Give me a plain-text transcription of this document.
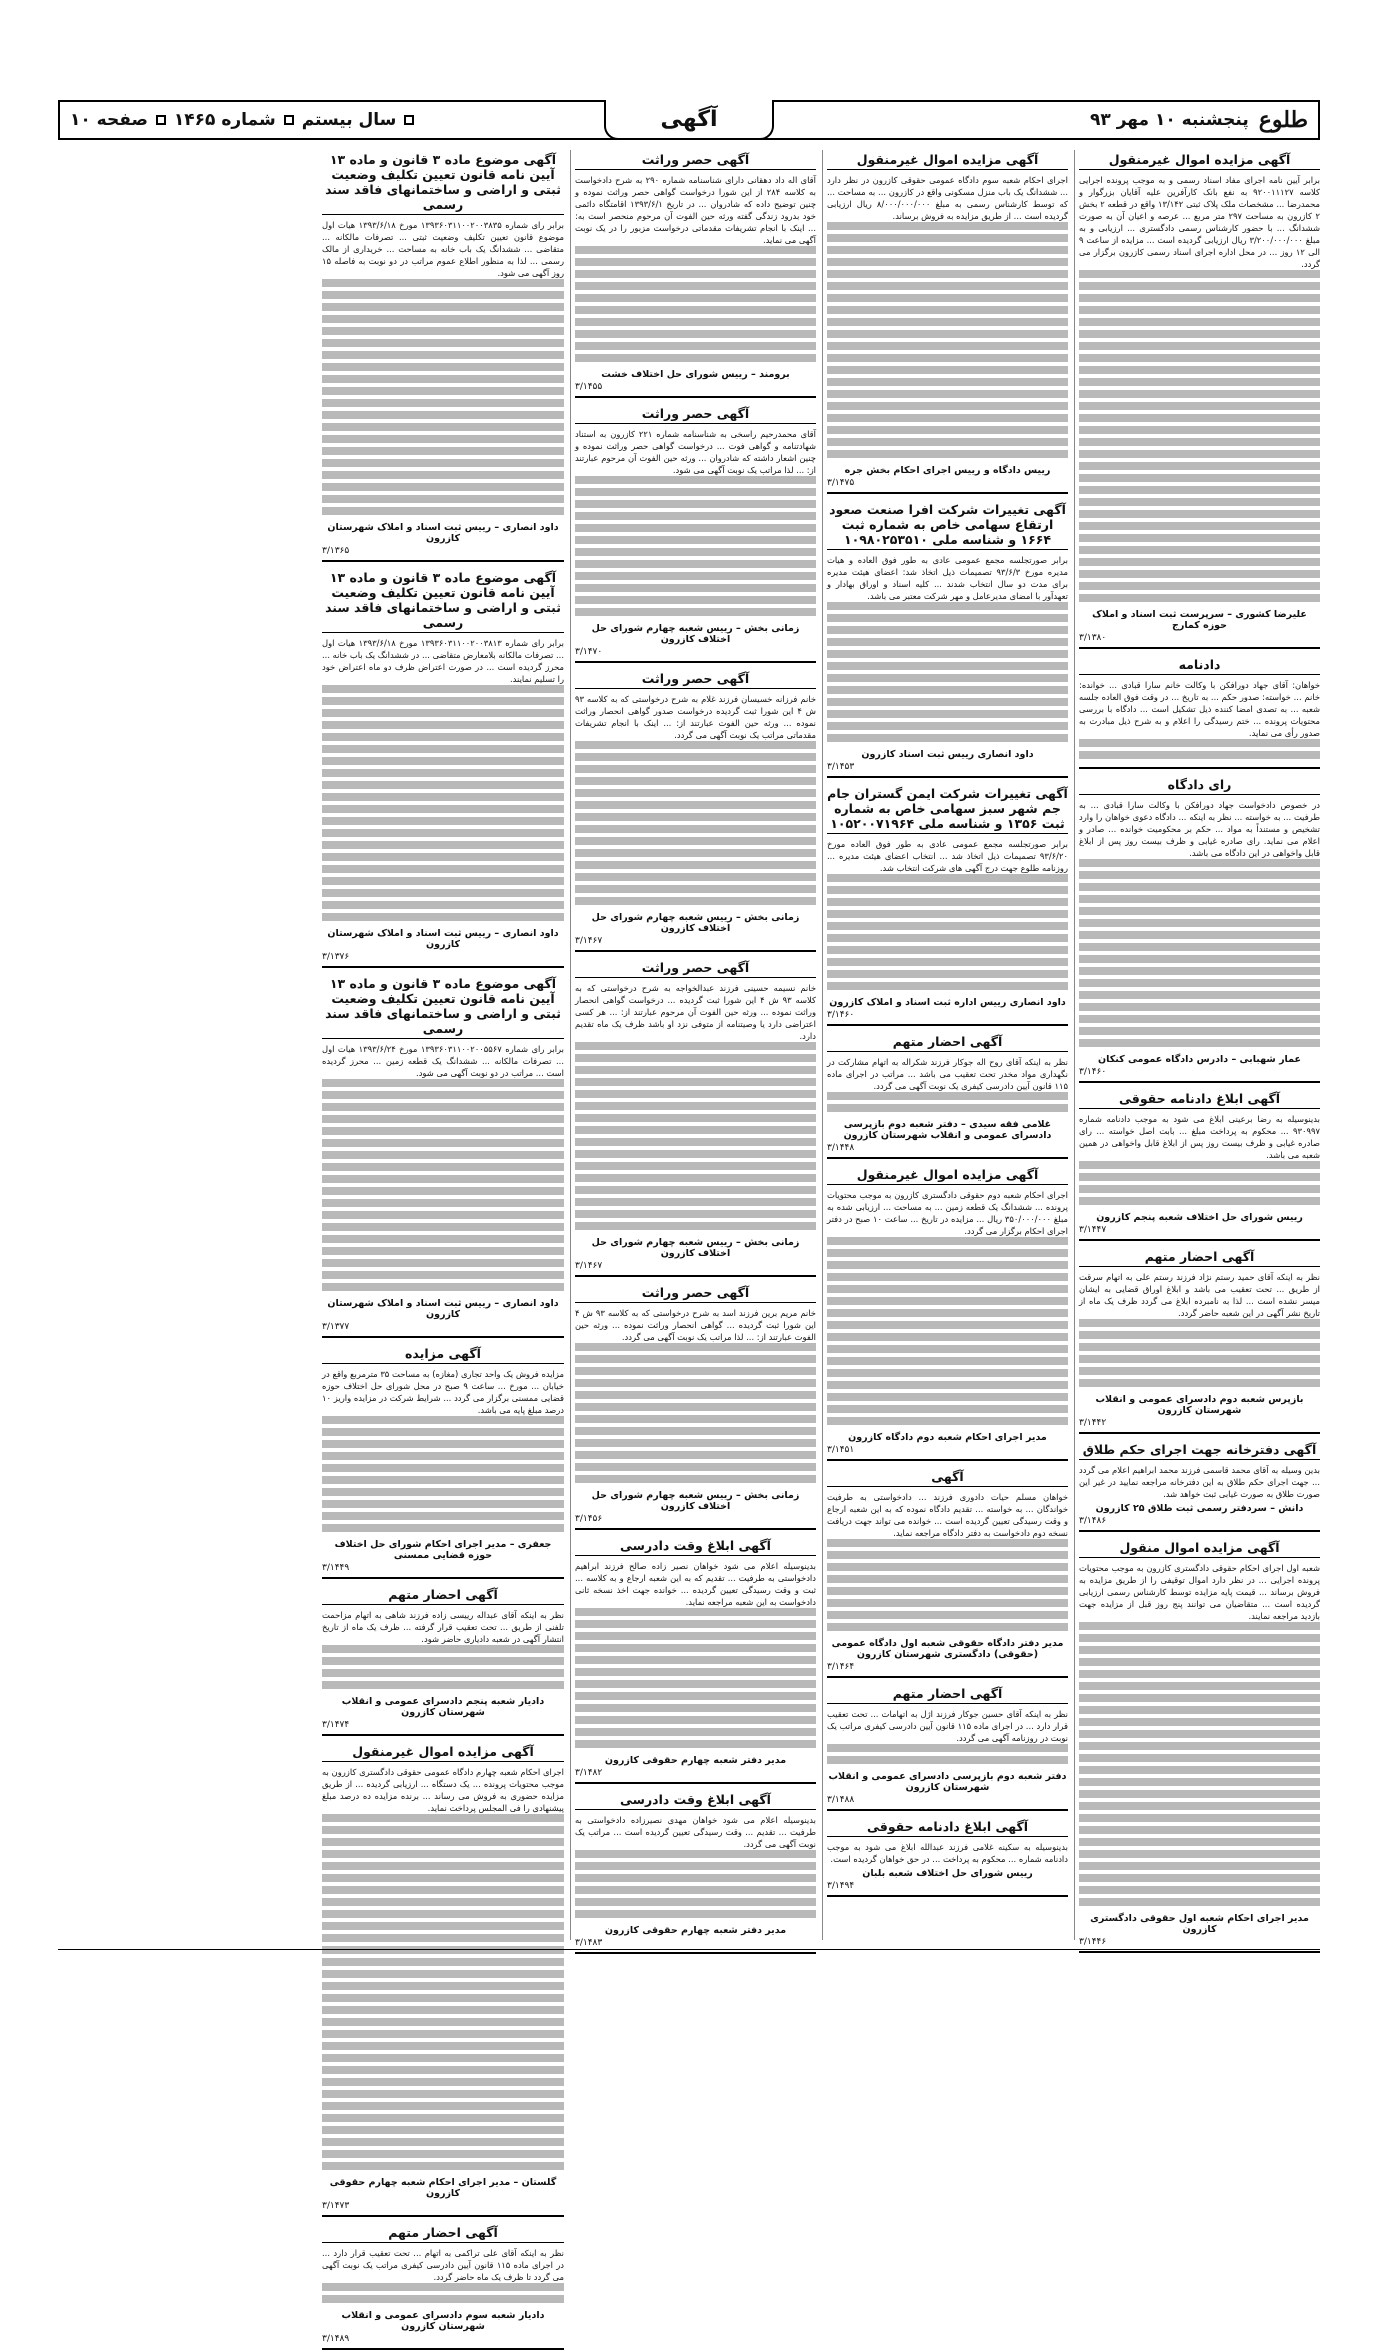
طلوع
پنجشنبه ۱۰ مهر ۹۳
آگهی
سال بیستم
شماره ۱۴۶۵
صفحه ۱۰
آگهی مزایده اموال غیرمنقول
برابر آیین نامه اجرای مفاد اسناد رسمی و به موجب پرونده اجرایی کلاسه ۹۲۰۰۱۱۱۲۷ به نفع بانک کارآفرین علیه آقایان بزرگوار و محمدرضا ... مشخصات ملک پلاک ثبتی ۱۳/۱۴۲ واقع در قطعه ۲ بخش ۲ کازرون به مساحت ۲۹۷ متر مربع ... عرصه و اعیان آن به صورت ششدانگ ... با حضور کارشناس رسمی دادگستری ... ارزیابی و به مبلغ ۳/۲۰۰/۰۰۰/۰۰۰ ریال ارزیابی گردیده است ... مزایده از ساعت ۹ الی ۱۲ روز ... در محل اداره اجرای اسناد رسمی کازرون برگزار می گردد.
علیرضا کشوری – سرپرست ثبت اسناد و املاک حوزه کمارج
۳/۱۳۸۰
دادنامه
خواهان: آقای جهاد دورافکن با وکالت خانم سارا قبادی ... خوانده: خانم ... خواسته: صدور حکم ... به تاریخ ... در وقت فوق العاده جلسه شعبه ... به تصدی امضا کننده ذیل تشکیل است ... دادگاه با بررسی محتویات پرونده ... ختم رسیدگی را اعلام و به شرح ذیل مبادرت به صدور رأی می نماید.
رای دادگاه
در خصوص دادخواست جهاد دورافکن با وکالت سارا قبادی ... به طرفیت ... به خواسته ... نظر به اینکه ... دادگاه دعوی خواهان را وارد تشخیص و مستنداً به مواد ... حکم بر محکومیت خوانده ... صادر و اعلام می نماید. رای صادره غیابی و ظرف بیست روز پس از ابلاغ قابل واخواهی در این دادگاه می باشد.
عمار شهبابی – دادرس دادگاه عمومی کنکان
۳/۱۴۶۰
آگهی ابلاغ دادنامه حقوقی
بدینوسیله به رضا برعینی ابلاغ می شود به موجب دادنامه شماره ۹۳۰۹۹۷ ... محکوم به پرداخت مبلغ ... بابت اصل خواسته ... رای صادره غیابی و ظرف بیست روز پس از ابلاغ قابل واخواهی در همین شعبه می باشد.
رییس شورای حل اختلاف شعبه پنجم کازرون
۳/۱۴۴۷
آگهی احضار متهم
نظر به اینکه آقای حمید رستم نژاد فرزند رستم علی به اتهام سرقت از طریق ... تحت تعقیب می باشد و ابلاغ اوراق قضایی به ایشان میسر نشده است ... لذا به نامبرده ابلاغ می گردد ظرف یک ماه از تاریخ نشر آگهی در این شعبه حاضر گردد.
بازپرس شعبه دوم دادسرای عمومی و انقلاب شهرستان کازرون
۳/۱۴۴۲
آگهی دفترخانه جهت اجرای حکم طلاق
بدین وسیله به آقای محمد قاسمی فرزند محمد ابراهیم اعلام می گردد ... جهت اجرای حکم طلاق به این دفترخانه مراجعه نمایید در غیر این صورت طلاق به صورت غیابی ثبت خواهد شد.
دانش – سردفتر رسمی ثبت طلاق ۲۵ کازرون
۳/۱۴۸۶
آگهی مزایده اموال منقول
شعبه اول اجرای احکام حقوقی دادگستری کازرون به موجب محتویات پرونده اجرایی ... در نظر دارد اموال توقیفی را از طریق مزایده به فروش برساند ... قیمت پایه مزایده توسط کارشناس رسمی ارزیابی گردیده است ... متقاضیان می توانند پنج روز قبل از مزایده جهت بازدید مراجعه نمایند.
مدیر اجرای احکام شعبه اول حقوقی دادگستری کازرون
۳/۱۴۴۶
آگهی مزایده اموال غیرمنقول
اجرای احکام شعبه سوم دادگاه عمومی حقوقی کازرون در نظر دارد ... ششدانگ یک باب منزل مسکونی واقع در کازرون ... به مساحت ... که توسط کارشناس رسمی به مبلغ ۸/۰۰۰/۰۰۰/۰۰۰ ریال ارزیابی گردیده است ... از طریق مزایده به فروش برساند.
رییس دادگاه و رییس اجرای احکام بخش جره
۳/۱۴۷۵
آگهی تغییرات شرکت افرا صنعت صعود ارتقاع سهامی خاص به شماره ثبت ۱۶۶۴ و شناسه ملی ۱۰۹۸۰۲۵۳۵۱۰
برابر صورتجلسه مجمع عمومی عادی به طور فوق العاده و هیات مدیره مورخ ۹۳/۶/۳ تصمیمات ذیل اتخاذ شد: اعضای هیئت مدیره برای مدت دو سال انتخاب شدند ... کلیه اسناد و اوراق بهادار و تعهدآور با امضای مدیرعامل و مهر شرکت معتبر می باشد.
داود انصاری رییس ثبت اسناد کازرون
۳/۱۴۵۳
آگهی تغییرات شرکت ایمن گستران جام جم شهر سبز سهامی خاص به شماره ثبت ۱۳۵۶ و شناسه ملی ۱۰۵۲۰۰۷۱۹۶۴
برابر صورتجلسه مجمع عمومی عادی به طور فوق العاده مورخ ۹۳/۶/۲۰ تصمیمات ذیل اتخاذ شد ... انتخاب اعضای هیئت مدیره ... روزنامه طلوع جهت درج آگهی های شرکت انتخاب شد.
داود انصاری رییس اداره ثبت اسناد و املاک کازرون
۳/۱۴۶۰
آگهی احضار متهم
نظر به اینکه آقای روح اله جوکار فرزند شکراله به اتهام مشارکت در نگهداری مواد مخدر تحت تعقیب می باشد ... مراتب در اجرای ماده ۱۱۵ قانون آیین دادرسی کیفری یک نوبت آگهی می گردد.
غلامی فقه سیدی – دفتر شعبه دوم بازپرسی دادسرای عمومی و انقلاب شهرستان کازرون
۳/۱۴۴۸
آگهی مزایده اموال غیرمنقول
اجرای احکام شعبه دوم حقوقی دادگستری کازرون به موجب محتویات پرونده ... ششدانگ یک قطعه زمین ... به مساحت ... ارزیابی شده به مبلغ ۳۵۰/۰۰۰/۰۰۰ ریال ... مزایده در تاریخ ... ساعت ۱۰ صبح در دفتر اجرای احکام برگزار می گردد.
مدیر اجرای احکام شعبه دوم دادگاه کازرون
۳/۱۴۵۱
آگهی
خواهان مسلم حیات دادوری فرزند ... دادخواستی به طرفیت خواندگان ... به خواسته ... تقدیم دادگاه نموده که به این شعبه ارجاع و وقت رسیدگی تعیین گردیده است ... خوانده می تواند جهت دریافت نسخه دوم دادخواست به دفتر دادگاه مراجعه نماید.
مدیر دفتر دادگاه حقوقی شعبه اول دادگاه عمومی (حقوقی) دادگستری شهرستان کازرون
۳/۱۴۶۴
آگهی احضار متهم
نظر به اینکه آقای حسین جوکار فرزند اژل به اتهامات ... تحت تعقیب قرار دارد ... در اجرای ماده ۱۱۵ قانون آیین دادرسی کیفری مراتب یک نوبت در روزنامه آگهی می گردد.
دفتر شعبه دوم بازپرسی دادسرای عمومی و انقلاب شهرستان کازرون
۳/۱۴۸۸
آگهی ابلاغ دادنامه حقوقی
بدینوسیله به سکینه غلامی فرزند عبدالله ابلاغ می شود به موجب دادنامه شماره ... محکوم به پرداخت ... در حق خواهان گردیده است.
رییس شورای حل اختلاف شعبه بلبان
۳/۱۴۹۴
آگهی حصر وراثت
آقای اله داد دهقانی دارای شناسنامه شماره ۲۹۰ به شرح دادخواست به کلاسه ۲۸۴ از این شورا درخواست گواهی حصر وراثت نموده و چنین توضیح داده که شادروان ... در تاریخ ۱۳۹۳/۶/۱ اقامتگاه دائمی خود بدرود زندگی گفته ورثه حین الفوت آن مرحوم منحصر است به: ... اینک با انجام تشریفات مقدماتی درخواست مزبور را در یک نوبت آگهی می نماید.
برومند – رییس شورای حل اختلاف خشت
۳/۱۴۵۵
آگهی حصر وراثت
آقای محمدرحیم راسخی به شناسنامه شماره ۲۲۱ کازرون به استناد شهادتنامه و گواهی فوت ... درخواست گواهی حصر وراثت نموده و چنین اشعار داشته که شادروان ... ورثه حین الفوت آن مرحوم عبارتند از: ... لذا مراتب یک نوبت آگهی می شود.
زمانی بخش – رییس شعبه چهارم شورای حل اختلاف کازرون
۳/۱۴۷۰
آگهی حصر وراثت
خانم فرزانه خسیسان فرزند غلام به شرح درخواستی که به کلاسه ۹۳ ش ۴ این شورا ثبت گردیده درخواست صدور گواهی انحصار وراثت نموده ... ورثه حین الفوت عبارتند از: ... اینک با انجام تشریفات مقدماتی مراتب یک نوبت آگهی می گردد.
زمانی بخش – رییس شعبه چهارم شورای حل اختلاف کازرون
۳/۱۴۶۷
آگهی حصر وراثت
خانم نسیمه حسینی فرزند عبدالخواجه به شرح درخواستی که به کلاسه ۹۳ ش ۴ این شورا ثبت گردیده ... درخواست گواهی انحصار وراثت نموده ... ورثه حین الفوت آن مرحوم عبارتند از: ... هر کسی اعتراضی دارد یا وصیتنامه از متوفی نزد او باشد ظرف یک ماه تقدیم دارد.
زمانی بخش – رییس شعبه چهارم شورای حل اختلاف کازرون
۳/۱۴۶۷
آگهی حصر وراثت
خانم مریم برین فرزند اسد به شرح درخواستی که به کلاسه ۹۳ ش ۴ این شورا ثبت گردیده ... گواهی انحصار وراثت نموده ... ورثه حین الفوت عبارتند از: ... لذا مراتب یک نوبت آگهی می گردد.
زمانی بخش – رییس شعبه چهارم شورای حل اختلاف کازرون
۳/۱۴۵۶
آگهی ابلاغ وقت دادرسی
بدینوسیله اعلام می شود خواهان نصیر زاده صالح فرزند ابراهیم دادخواستی به طرفیت ... تقدیم که به این شعبه ارجاع و به کلاسه ... ثبت و وقت رسیدگی تعیین گردیده ... خوانده جهت اخذ نسخه ثانی دادخواست به این شعبه مراجعه نماید.
مدیر دفتر شعبه چهارم حقوقی کازرون
۳/۱۴۸۲
آگهی ابلاغ وقت دادرسی
بدینوسیله اعلام می شود خواهان مهدی نصیرزاده دادخواستی به طرفیت ... تقدیم ... وقت رسیدگی تعیین گردیده است ... مراتب یک نوبت آگهی می گردد.
مدیر دفتر شعبه چهارم حقوقی کازرون
۳/۱۴۸۳
آگهی موضوع ماده ۳ قانون و ماده ۱۳ آیین نامه قانون تعیین تکلیف وضعیت ثبتی و اراضی و ساختمانهای فاقد سند رسمی
برابر رای شماره ۱۳۹۳۶۰۳۱۱۰۰۲۰۰۳۸۳۵ مورخ ۱۳۹۳/۶/۱۸ هیات اول موضوع قانون تعیین تکلیف وضعیت ثبتی ... تصرفات مالکانه ... متقاضی ... ششدانگ یک باب خانه به مساحت ... خریداری از مالک رسمی ... لذا به منظور اطلاع عموم مراتب در دو نوبت به فاصله ۱۵ روز آگهی می شود.
داود انصاری – رییس ثبت اسناد و املاک شهرستان کازرون
۳/۱۳۶۵
آگهی موضوع ماده ۳ قانون و ماده ۱۳ آیین نامه قانون تعیین تکلیف وضعیت ثبتی و اراضی و ساختمانهای فاقد سند رسمی
برابر رای شماره ۱۳۹۳۶۰۳۱۱۰۰۲۰۰۳۸۱۳ مورخ ۱۳۹۳/۶/۱۸ هیات اول ... تصرفات مالکانه بلامعارض متقاضی ... در ششدانگ یک باب خانه ... محرز گردیده است ... در صورت اعتراض ظرف دو ماه اعتراض خود را تسلیم نمایند.
داود انصاری – رییس ثبت اسناد و املاک شهرستان کازرون
۳/۱۳۷۶
آگهی موضوع ماده ۳ قانون و ماده ۱۳ آیین نامه قانون تعیین تکلیف وضعیت ثبتی و اراضی و ساختمانهای فاقد سند رسمی
برابر رای شماره ۱۳۹۳۶۰۳۱۱۰۰۲۰۰۵۵۶۷ مورخ ۱۳۹۳/۶/۲۴ هیات اول ... تصرفات مالکانه ... ششدانگ یک قطعه زمین ... محرز گردیده است ... مراتب در دو نوبت آگهی می شود.
داود انصاری – رییس ثبت اسناد و املاک شهرستان کازرون
۳/۱۳۷۷
آگهی مزایده
مزایده فروش یک واحد تجاری (مغازه) به مساحت ۳۵ مترمربع واقع در خیابان ... مورخ ... ساعت ۹ صبح در محل شورای حل اختلاف حوزه قضایی ممسنی برگزار می گردد ... شرایط شرکت در مزایده واریز ۱۰ درصد مبلغ پایه می باشد.
جعفری – مدیر اجرای احکام شورای حل اختلاف حوزه قضایی ممسنی
۳/۱۴۴۹
آگهی احضار متهم
نظر به اینکه آقای عبداله رییسی زاده فرزند شاهی به اتهام مزاحمت تلفنی از طریق ... تحت تعقیب قرار گرفته ... ظرف یک ماه از تاریخ انتشار آگهی در شعبه دادیاری حاضر شود.
دادیار شعبه پنجم دادسرای عمومی و انقلاب شهرستان کازرون
۳/۱۴۷۴
آگهی مزایده اموال غیرمنقول
اجرای احکام شعبه چهارم دادگاه عمومی حقوقی دادگستری کازرون به موجب محتویات پرونده ... یک دستگاه ... ارزیابی گردیده ... از طریق مزایده حضوری به فروش می رساند ... برنده مزایده ده درصد مبلغ پیشنهادی را فی المجلس پرداخت نماید.
گلستان – مدیر اجرای احکام شعبه چهارم حقوقی کازرون
۳/۱۴۷۳
آگهی احضار متهم
نظر به اینکه آقای علی تراکمی به اتهام ... تحت تعقیب قرار دارد ... در اجرای ماده ۱۱۵ قانون آیین دادرسی کیفری مراتب یک نوبت آگهی می گردد تا ظرف یک ماه حاضر گردد.
دادیار شعبه سوم دادسرای عمومی و انقلاب شهرستان کازرون
۳/۱۴۸۹
